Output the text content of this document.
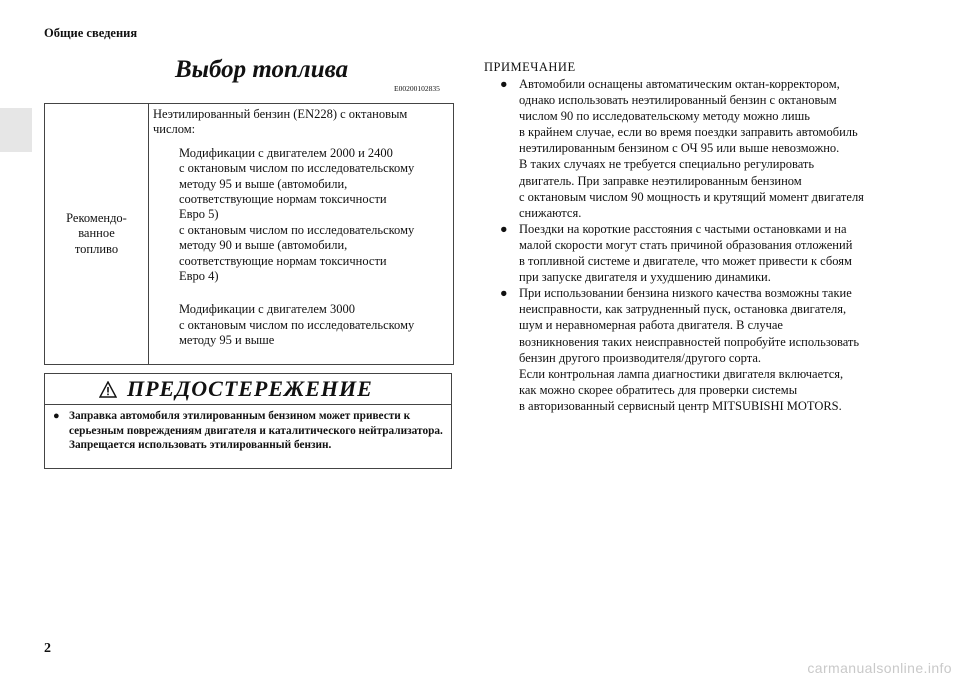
Общие сведения
Выбор топлива
E00200102835
Рекомендо-
ванное
топливо

Неэтилированный бензин (EN228) с октановым числом:
Модификации с двигателем 2000 и 2400
с октановым числом по исследовательскому
методу 95 и выше (автомобили,
соответствующие нормам токсичности
Евро 5)
с октановым числом по исследовательскому
методу 90 и выше (автомобили,
соответствующие нормам токсичности
Евро 4)
Модификации с двигателем 3000
с октановым числом по исследовательскому
методу 95 и выше
ПРЕДОСТЕРЕЖЕНИЕ
● Заправка автомобиля этилированным бензином может привести к серьезным повреждениям двигателя и каталитического нейтрализатора. Запрещается использовать этилированный бензин.
ПРИМЕЧАНИЕ
● Автомобили оснащены автоматическим октан-корректором,
однако использовать неэтилированный бензин с октановым
числом 90 по исследовательскому методу можно лишь
в крайнем случае, если во время поездки заправить автомобиль
неэтилированным бензином с ОЧ 95 или выше невозможно.
В таких случаях не требуется специально регулировать
двигатель. При заправке неэтилированным бензином
с октановым числом 90 мощность и крутящий момент двигателя
снижаются.
● Поездки на короткие расстояния с частыми остановками и на
малой скорости могут стать причиной образования отложений
в топливной системе и двигателе, что может привести к сбоям
при запуске двигателя и ухудшению динамики.
● При использовании бензина низкого качества возможны такие
неисправности, как затрудненный пуск, остановка двигателя,
шум и неравномерная работа двигателя. В случае
возникновения таких неисправностей попробуйте использовать
бензин другого производителя/другого сорта.
Если контрольная лампа диагностики двигателя включается,
как можно скорее обратитесь для проверки системы
в авторизованный сервисный центр MITSUBISHI MOTORS.
2
carmanualsonline.info
